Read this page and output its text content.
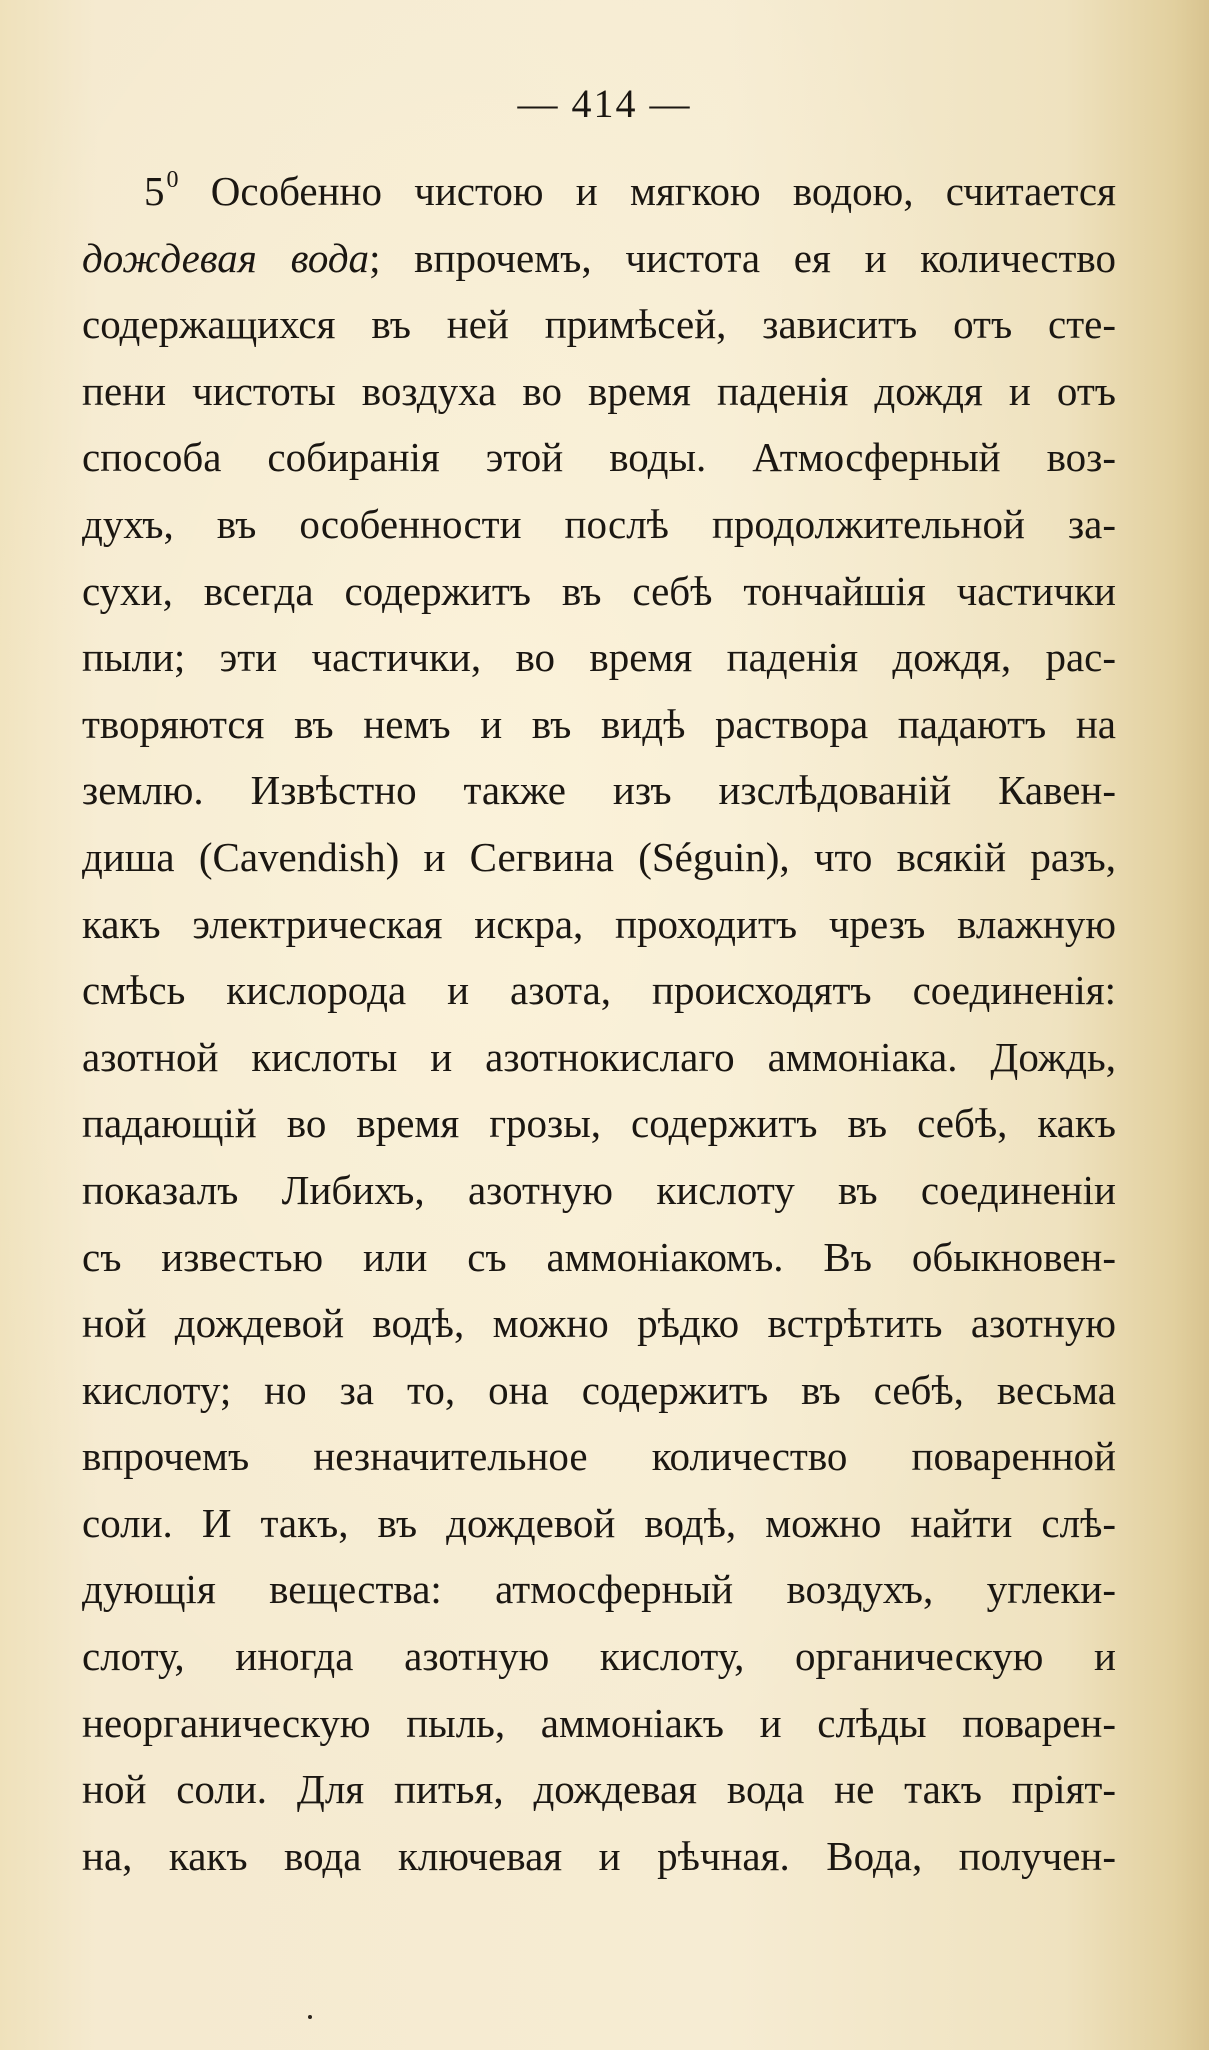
— 414 —
$5^0$ Особенно чистою и мягкою водою, считается
дождевая вода; впрочемъ, чистота ея и количество
содержащихся въ ней примѣсей, зависитъ отъ сте-
пени чистоты воздуха во время паденія дождя и отъ
способа собиранія этой воды. Атмосферный воз-
духъ, въ особенности послѣ продолжительной за-
сухи, всегда содержитъ въ себѣ тончайшія частички
пыли; эти частички, во время паденія дождя, рас-
творяются въ немъ и въ видѣ раствора падаютъ на
землю. Извѣстно также изъ изслѣдованій Кавен-
диша (Cavendish) и Сегвина (Séguin), что всякій разъ,
какъ электрическая искра, проходитъ чрезъ влажную
смѣсь кислорода и азота, происходятъ соединенія:
азотной кислоты и азотнокислаго аммоніака. Дождь,
падающій во время грозы, содержитъ въ себѣ, какъ
показалъ Либихъ, азотную кислоту въ соединеніи
съ известью или съ аммоніакомъ. Въ обыкновен-
ной дождевой водѣ, можно рѣдко встрѣтить азотную
кислоту; но за то, она содержитъ въ себѣ, весьма
впрочемъ незначительное количество поваренной
соли. И такъ, въ дождевой водѣ, можно найти слѣ-
дующія вещества: атмосферный воздухъ, углеки-
слоту, иногда азотную кислоту, органическую и
неорганическую пыль, аммоніакъ и слѣды поварен-
ной соли. Для питья, дождевая вода не такъ пріят-
на, какъ вода ключевая и рѣчная. Вода, получен-
